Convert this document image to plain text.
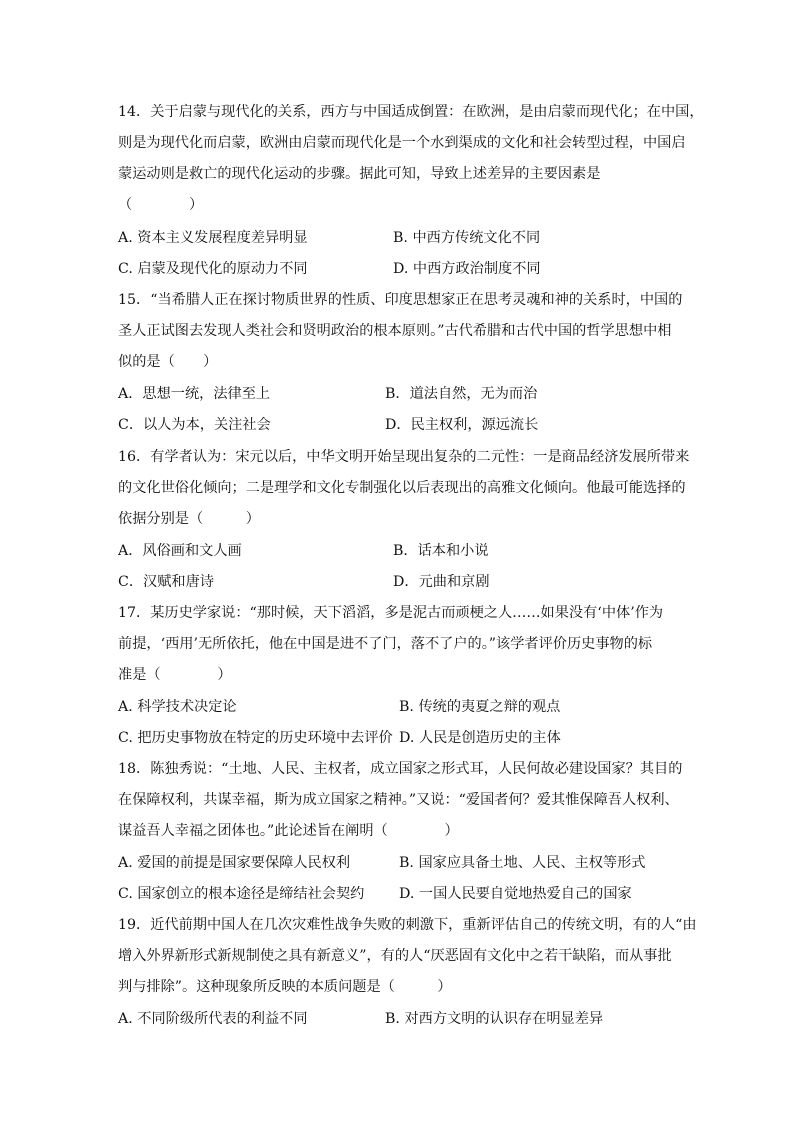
14．关于启蒙与现代化的关系，西方与中国适成倒置：在欧洲，是由启蒙而现代化；在中国，
则是为现代化而启蒙，欧洲由启蒙而现代化是一个水到渠成的文化和社会转型过程，中国启
蒙运动则是救亡的现代化运动的步骤。据此可知，导致上述差异的主要因素是
（　　　　）
A. 资本主义发展程度差异明显	B. 中西方传统文化不同
C. 启蒙及现代化的原动力不同	D. 中西方政治制度不同
15．“当希腊人正在探讨物质世界的性质、印度思想家正在思考灵魂和神的关系时，中国的
圣人正试图去发现人类社会和贤明政治的根本原则。”古代希腊和古代中国的哲学思想中相
似的是（　　）
A．思想一统，法律至上	B．道法自然，无为而治
C．以人为本，关注社会	D．民主权利，源远流长
16．有学者认为：宋元以后，中华文明开始呈现出复杂的二元性：一是商品经济发展所带来
的文化世俗化倾向；二是理学和文化专制强化以后表现出的高雅文化倾向。他最可能选择的
依据分别是（　　　）
A．风俗画和文人画	B．话本和小说
C．汉赋和唐诗	D．元曲和京剧
17．某历史学家说：“那时候，天下滔滔，多是泥古而顽梗之人……如果没有‘中体’作为
前提，‘西用’无所依托，他在中国是进不了门，落不了户的。”该学者评价历史事物的标
准是（　　　　）
A. 科学技术决定论	B. 传统的夷夏之辩的观点
C. 把历史事物放在特定的历史环境中去评价 D. 人民是创造历史的主体
18．陈独秀说：“土地、人民、主权者，成立国家之形式耳，人民何故必建设国家？其目的
在保障权利，共谋幸福，斯为成立国家之精神。”又说：“爱国者何？爱其惟保障吾人权利、
谋益吾人幸福之团体也。”此论述旨在阐明（　　　　）
A. 爱国的前提是国家要保障人民权利	B. 国家应具备土地、人民、主权等形式
C. 国家创立的根本途径是缔结社会契约 D. 一国人民要自觉地热爱自己的国家
19．近代前期中国人在几次灾难性战争失败的刺激下，重新评估自己的传统文明，有的人“由
增入外界新形式新规制使之具有新意义”，有的人“厌恶固有文化中之若干缺陷，而从事批
判与排除”。这种现象所反映的本质问题是（　　　）
A. 不同阶级所代表的利益不同	B. 对西方文明的认识存在明显差异
